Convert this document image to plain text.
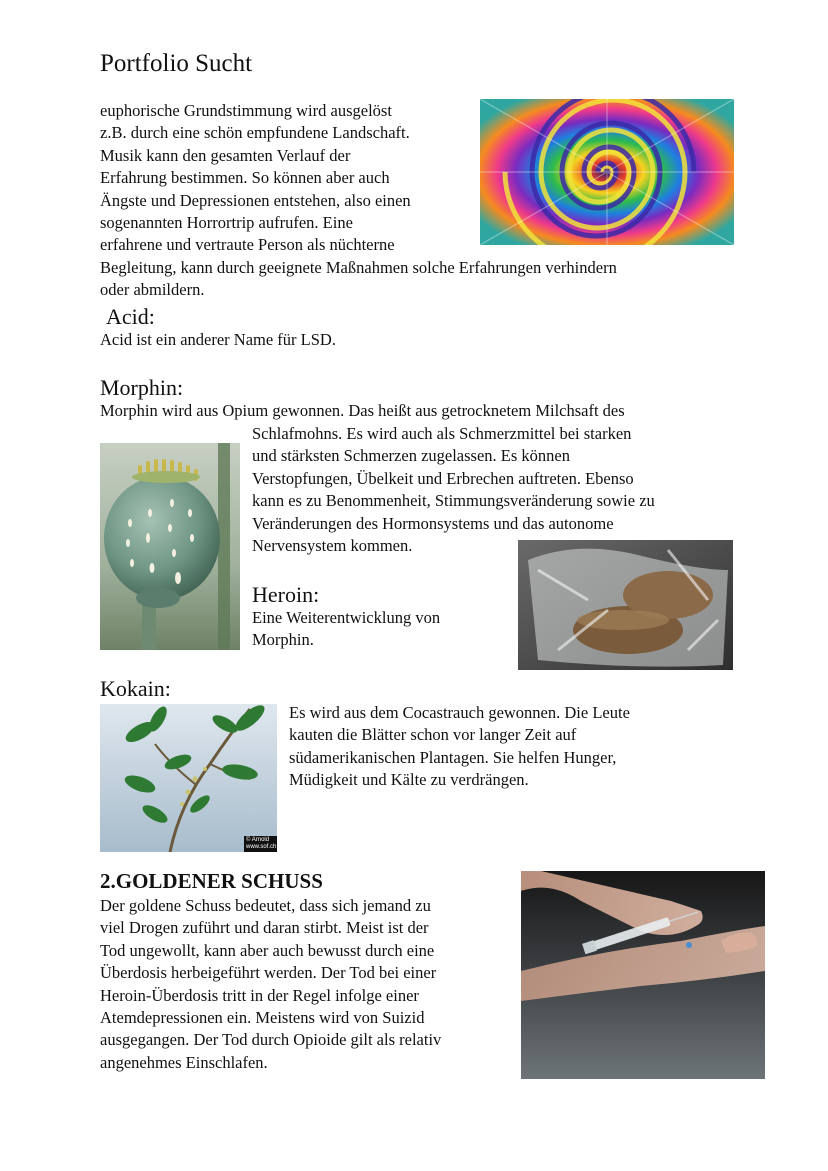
Portfolio Sucht
euphorische Grundstimmung wird ausgelöst
z.B. durch eine schön empfundene Landschaft.
Musik kann den gesamten Verlauf der
Erfahrung bestimmen. So können aber auch
Ängste und Depressionen entstehen, also einen
sogenannten Horrortrip aufrufen. Eine
erfahrene und vertraute Person als nüchterne
Begleitung, kann durch geeignete Maßnahmen solche Erfahrungen verhindern
oder abmildern.
Acid:
Acid ist ein anderer Name für LSD.
Morphin:
Morphin wird aus Opium gewonnen. Das heißt aus getrocknetem Milchsaft des
Schlafmohns. Es wird auch als Schmerzmittel bei starken
und stärksten Schmerzen zugelassen. Es können
Verstopfungen, Übelkeit und Erbrechen auftreten. Ebenso
kann es zu Benommenheit, Stimmungsveränderung sowie zu
Veränderungen des Hormonsystems und das autonome
Nervensystem kommen.
Heroin:
Eine Weiterentwicklung von
Morphin.
Kokain:
Es wird aus dem Cocastrauch gewonnen. Die Leute
kauten die Blätter schon vor langer Zeit auf
südamerikanischen Plantagen. Sie helfen Hunger,
Müdigkeit und Kälte zu verdrängen.
© Arnold
www.sof.ch
2.GOLDENER SCHUSS
Der goldene Schuss bedeutet, dass sich jemand zu
viel Drogen zuführt und daran stirbt. Meist ist der
Tod ungewollt, kann aber auch bewusst durch eine
Überdosis herbeigeführt werden. Der Tod bei einer
Heroin-Überdosis tritt in der Regel infolge einer
Atemdepressionen ein. Meistens wird von Suizid
ausgegangen. Der Tod durch Opioide gilt als relativ
angenehmes Einschlafen.
